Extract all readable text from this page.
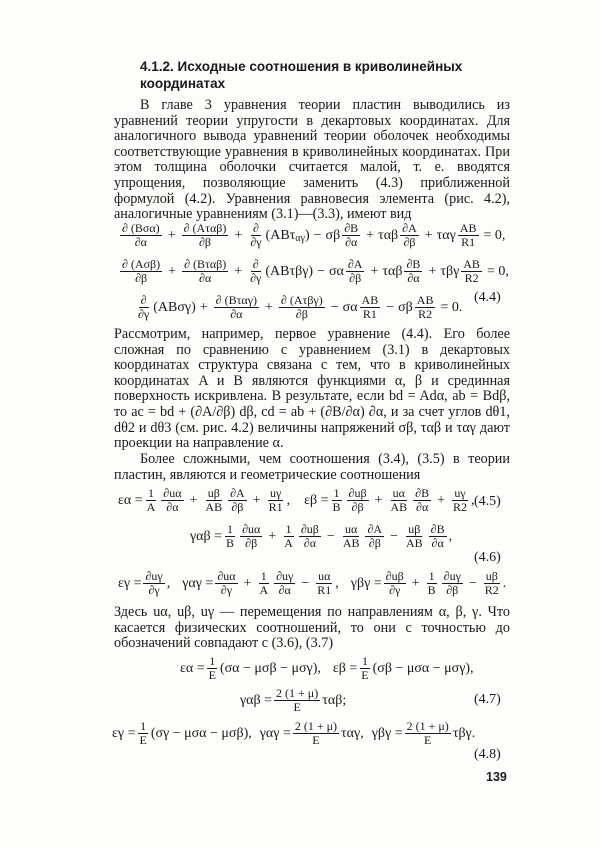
4.1.2. Исходные соотношения в криволинейных координатах
В главе 3 уравнения теории пластин выводились из уравнений теории упругости в декартовых координатах. Для аналогичного вывода уравнений теории оболочек необходимы соответствующие уравнения в криволинейных координатах. При этом толщина оболочки считается малой, т. е. вводятся упрощения, позволяющие заменить (4.3) приближенной формулой (4.2). Уравнения равновесия элемента (рис. 4.2), аналогичные уравнениям (3.1)—(3.3), имеют вид
$\frac{\text{∂ (Bσα)}}{\partial\alpha} + \frac{\text{∂ (Aταβ)}}{\partial\beta} + \frac{\partial}{\partial\gamma} (AB\tau$ αγ ) − σβ $\frac{\partial B}{\partial\alpha} + \tau\alpha\beta \frac{\partial A}{\partial\beta} + \tau\alpha\gamma \frac{AB}{R1} = 0$,
$\frac{\text{∂ (Aσβ)}}{\partial\beta} + \frac{\text{∂ (Bταβ)}}{\partial\alpha} + \frac{\partial}{\partial\gamma} (AB\tau\beta\gamma) - \sigma\alpha \frac{\partial A}{\partial\beta} + \tau\alpha\beta \frac{\partial B}{\partial\alpha} + \tau\beta\gamma \frac{AB}{R2} = 0$,
$\frac{\partial}{\partial\gamma} (AB\sigma\gamma) + \frac{\text{∂ (Bταγ)}}{\partial\alpha} + \frac{\text{∂ (Aτβγ)}}{\partial\beta} - \sigma\alpha \frac{AB}{R1} - \sigma\beta \frac{AB}{R2} = 0$.
(4.4)
Рассмотрим, например, первое уравнение (4.4). Его более сложная по сравнению с уравнением (3.1) в декартовых координатах структура связана с тем, что в криволинейных координатах A и B являются функциями α, β и срединная поверхность искривлена. В результате, если bd = Adα, ab = Bdβ, то ac = bd + (∂A/∂β) dβ, cd = ab + (∂B/∂α) ∂α, и за счет углов dθ1, dθ2 и dθ3 (см. рис. 4.2) величины напряжений σβ, ταβ и ταγ дают проекции на направление α.
Более сложными, чем соотношения (3.4), (3.5) в теории пластин, являются и геометрические соотношения
$\varepsilon\alpha = \frac{1}{A} \frac{\partial u\alpha}{\partial\alpha} + \frac{u\beta}{AB} \frac{\partial A}{\partial\beta} + \frac{u\gamma}{R1}$ , $\varepsilon\beta = \frac{1}{B} \frac{\partial u\beta}{\partial\beta} + \frac{u\alpha}{AB} \frac{\partial B}{\partial\alpha} + \frac{u\gamma}{R2}$ , (4.5)
$\gamma\alpha\beta = \frac{1}{B} \frac{\partial u\alpha}{\partial\beta} + \frac{1}{A} \frac{\partial u\beta}{\partial\alpha} - \frac{u\alpha}{AB} \frac{\partial A}{\partial\beta} - \frac{u\beta}{AB} \frac{\partial B}{\partial\alpha}$ ,
(4.6)
$\varepsilon\gamma = \frac{\partial u\gamma}{\partial\gamma}$ , $\gamma\alpha\gamma = \frac{\partial u\alpha}{\partial\gamma} + \frac{1}{A} \frac{\partial u\gamma}{\partial\alpha} - \frac{u\alpha}{R1}$ , $\gamma\beta\gamma = \frac{\partial u\beta}{\partial\gamma} + \frac{1}{B} \frac{\partial u\gamma}{\partial\beta} - \frac{u\beta}{R2}$ .
Здесь uα, uβ, uγ — перемещения по направлениям α, β, γ. Что касается физических соотношений, то они с точностью до обозначений совпадают с (3.6), (3.7)
$\varepsilon\alpha = \frac{1}{E} (\sigma\alpha - \mu\sigma\beta - \mu\sigma\gamma)$, $\varepsilon\beta = \frac{1}{E} (\sigma\beta - \mu\sigma\alpha - \mu\sigma\gamma)$,
$\gamma\alpha\beta = \frac{2 (1 + \mu)}{E} \tau\alpha\beta$;	(4.7)
$\varepsilon\gamma = \frac{1}{E} (\sigma\gamma - \mu\sigma\alpha - \mu\sigma\beta)$, $\gamma\alpha\gamma = \frac{2 (1 + \mu)}{E} \tau\alpha\gamma$, $\gamma\beta\gamma = \frac{2 (1 + \mu)}{E} \tau\beta\gamma$.
(4.8)
139
